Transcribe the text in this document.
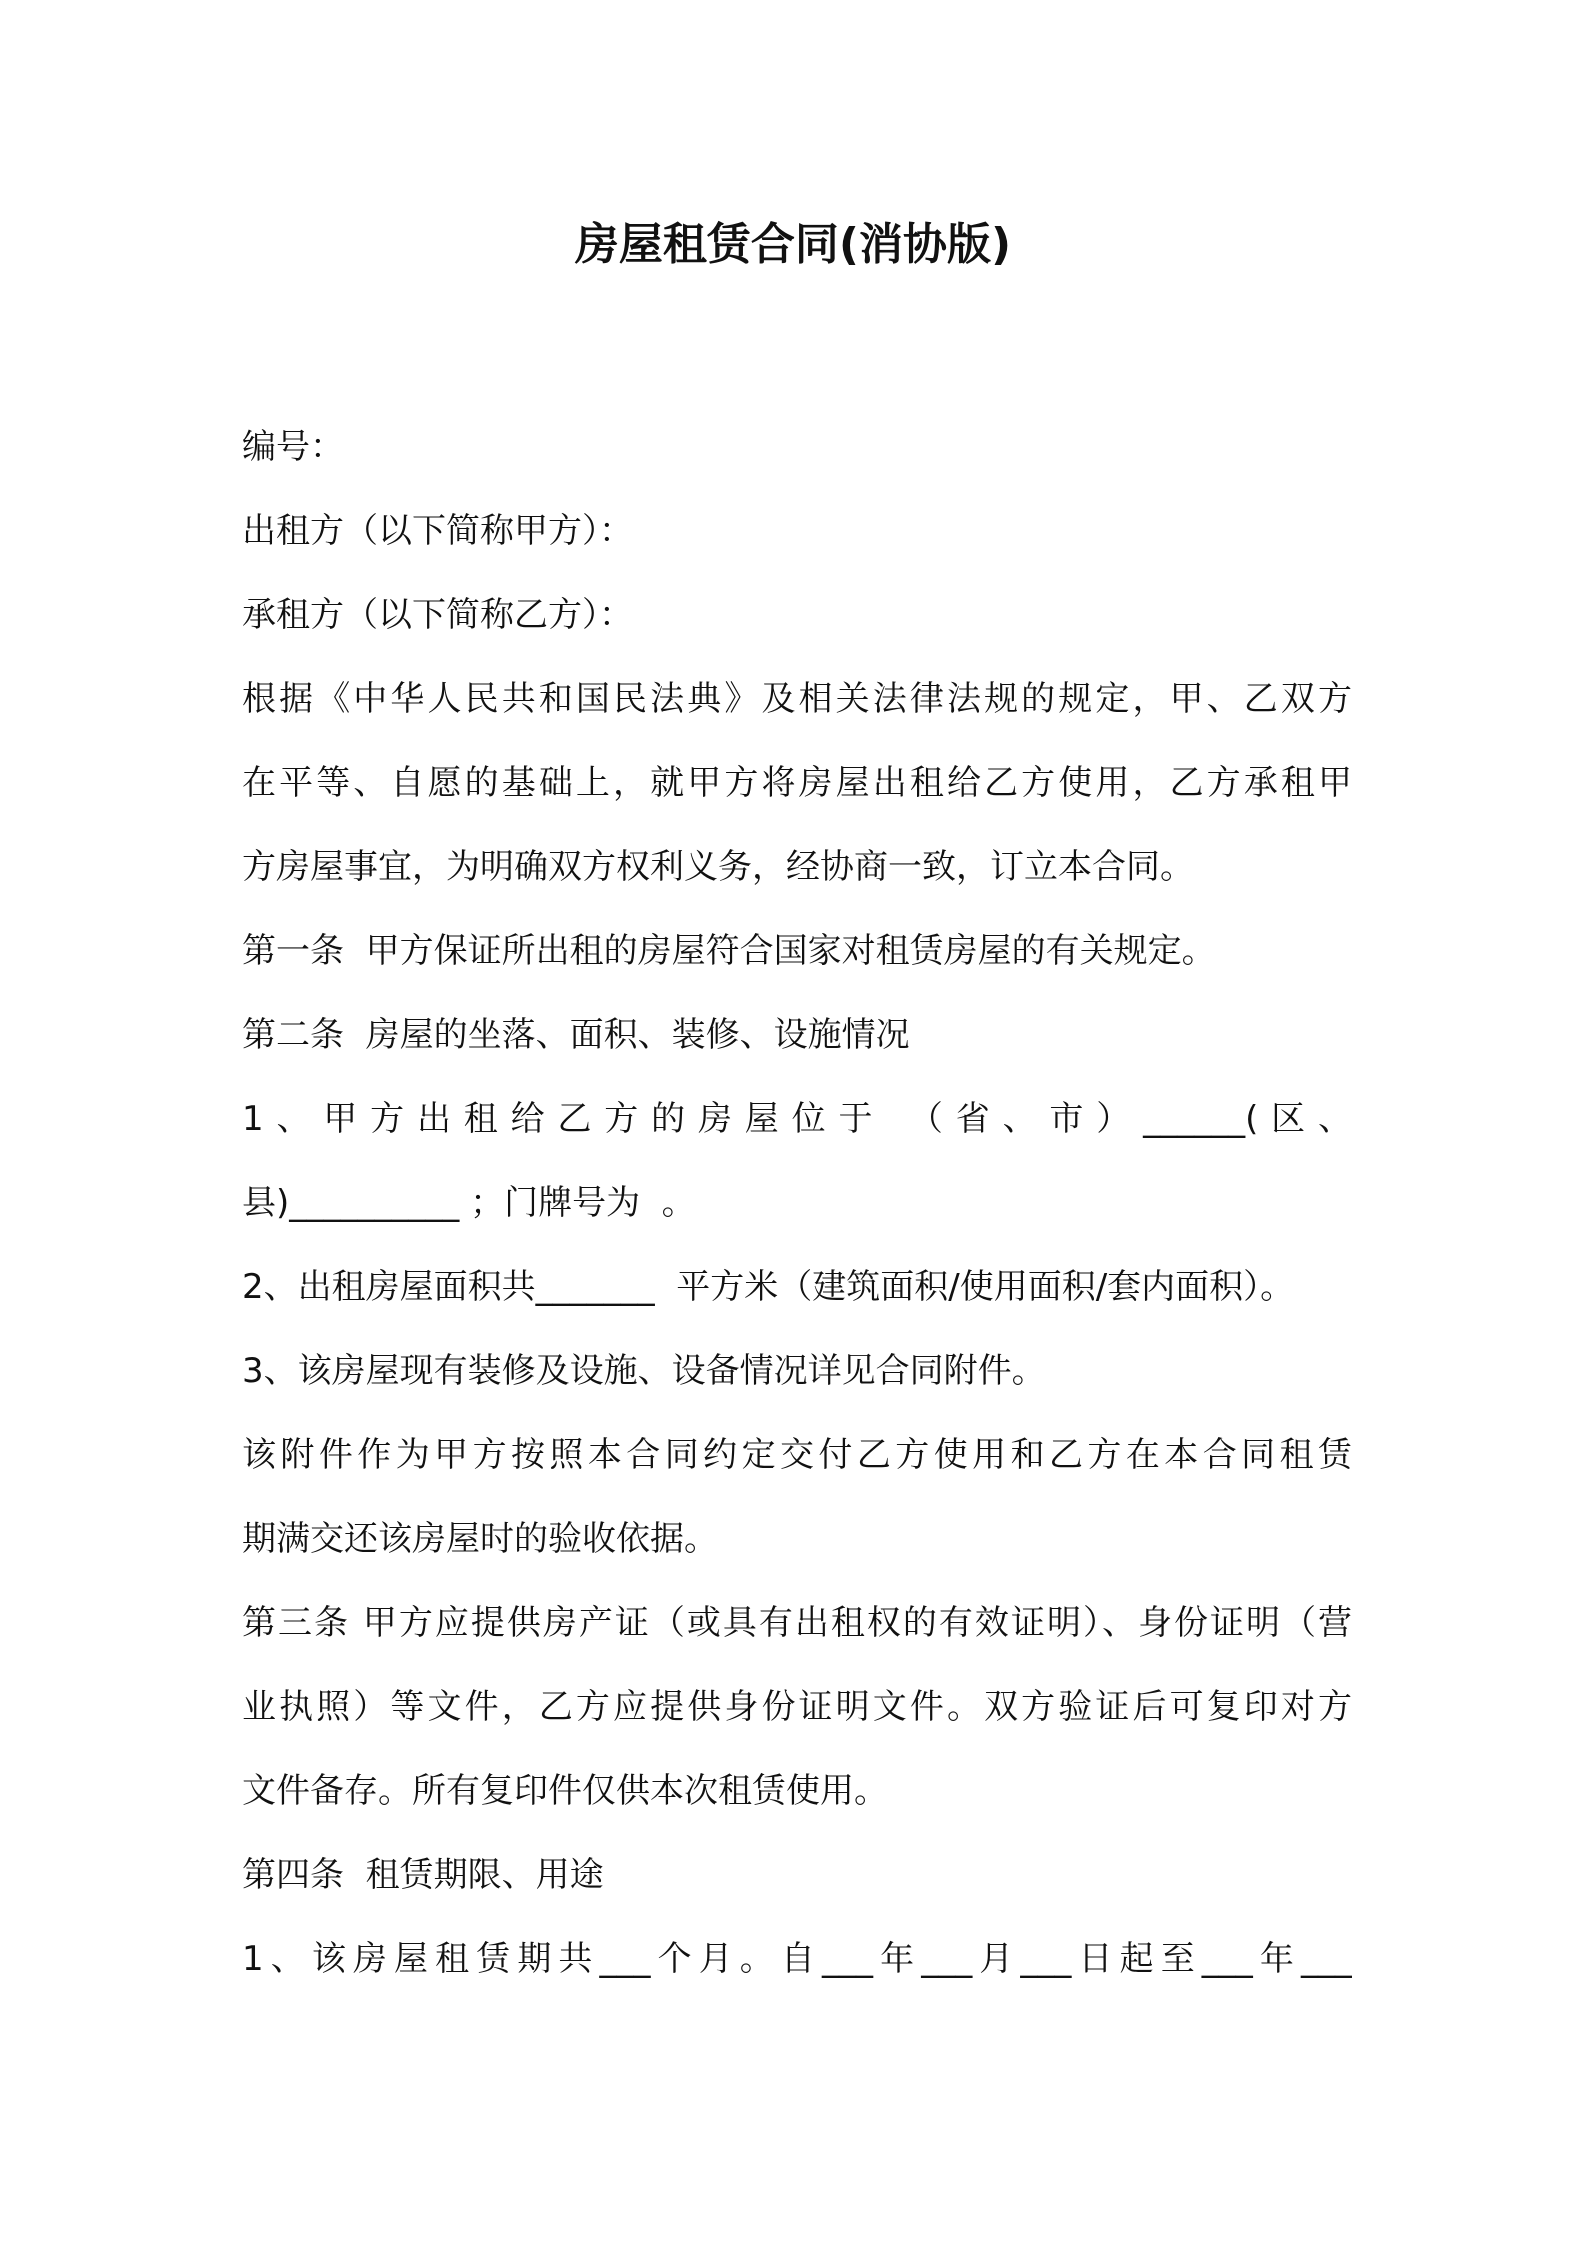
房屋租赁合同(消协版)
编号：
出租方（以下简称甲方）：
承租方（以下简称乙方）：
根据《中华人民共和国民法典》及相关法律法规的规定，甲、乙双方
在平等、自愿的基础上，就甲方将房屋出租给乙方使用，乙方承租甲
方房屋事宜，为明确双方权利义务，经协商一致，订立本合同。
第一条  甲方保证所出租的房屋符合国家对租赁房屋的有关规定。
第二条  房屋的坐落、面积、装修、设施情况
1、甲方出租给乙方的房屋位于 （省、市）______(区、
县)__________ ；门牌号为  。
2、出租房屋面积共_______  平方米（建筑面积/使用面积/套内面积）。
3、该房屋现有装修及设施、设备情况详见合同附件。
该附件作为甲方按照本合同约定交付乙方使用和乙方在本合同租赁
期满交还该房屋时的验收依据。
第三条 甲方应提供房产证（或具有出租权的有效证明）、身份证明（营
业执照）等文件，乙方应提供身份证明文件。双方验证后可复印对方
文件备存。所有复印件仅供本次租赁使用。
第四条  租赁期限、用途
1、该房屋租赁期共___个月。自___年___月___日起至___年___
